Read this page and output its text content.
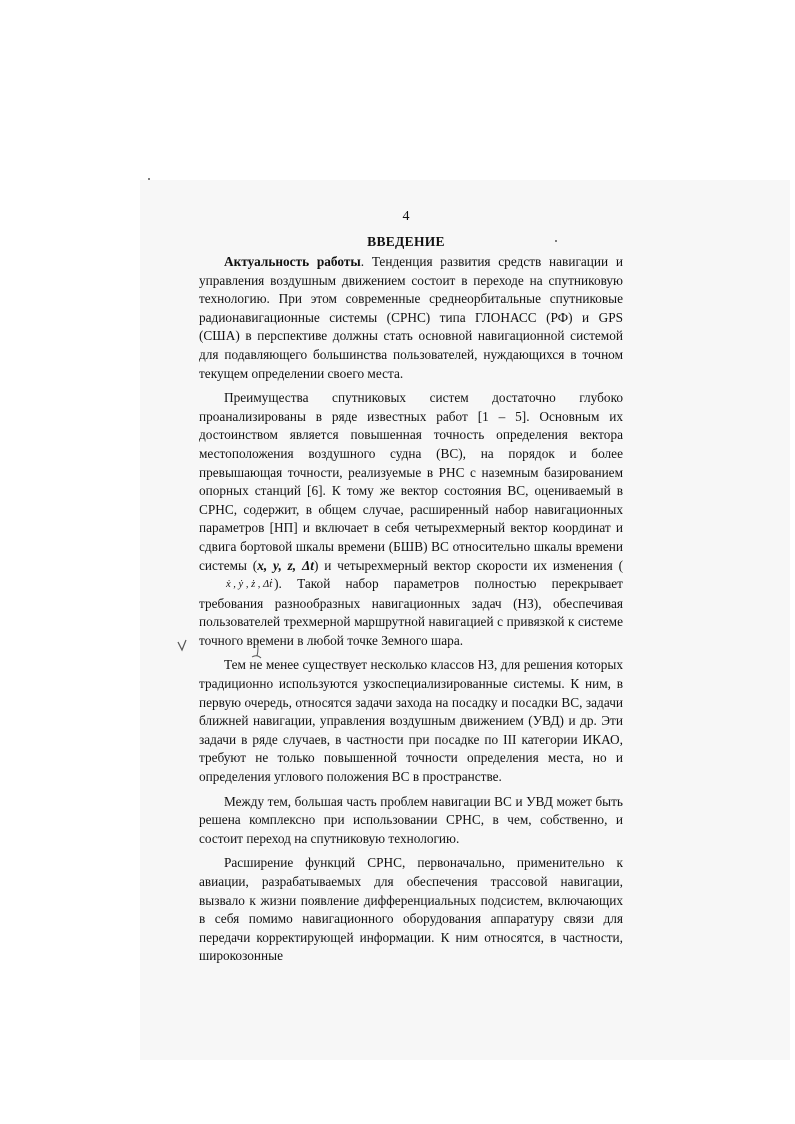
4
ВВЕДЕНИЕ

Актуальность работы. Тенденция развития средств навигации и управления воздушным движением состоит в переходе на спутниковую технологию. При этом современные среднеорбитальные спутниковые радионавигационные системы (СРНС) типа ГЛОНАСС (РФ) и GPS (США) в перспективе должны стать основной навигационной системой для подавляющего большинства пользователей, нуждающихся в точном текущем определении своего места.

Преимущества спутниковых систем достаточно глубоко проанализированы в ряде известных работ [1 – 5]. Основным их достоинством является повышенная точность определения вектора местоположения воздушного судна (ВС), на порядок и более превышающая точности, реализуемые в РНС с наземным базированием опорных станций [6]. К тому же вектор состояния ВС, оцениваемый в СРНС, содержит, в общем случае, расширенный набор навигационных параметров [НП] и включает в себя четырехмерный вектор координат и сдвига бортовой шкалы времени (БШВ) ВС относительно шкалы времени системы (x, y, z, Δt) и четырехмерный вектор скорости их изменения (ẋ , ẏ , ż , Δṫ ). Такой набор параметров полностью перекрывает требования разнообразных навигационных задач (НЗ), обеспечивая пользователей трехмерной маршрутной навигацией с привязкой к системе точного времени в любой точке Земного шара.

Тем не менее существует несколько классов НЗ, для решения которых традиционно используются узкоспециализированные системы. К ним, в первую очередь, относятся задачи захода на посадку и посадки ВС, задачи ближней навигации, управления воздушным движением (УВД) и др. Эти задачи в ряде случаев, в частности при посадке по III категории ИКАО, требуют не только повышенной точности определения места, но и определения углового положения ВС в пространстве.

Между тем, большая часть проблем навигации ВС и УВД может быть решена комплексно при использовании СРНС, в чем, собственно, и состоит переход на спутниковую технологию.

Расширение функций СРНС, первоначально, применительно к авиации, разрабатываемых для обеспечения трассовой навигации, вызвало к жизни появление дифференциальных подсистем, включающих в себя помимо навигационного оборудования аппаратуру связи для передачи корректирующей информации. К ним относятся, в частности, широкозонные
